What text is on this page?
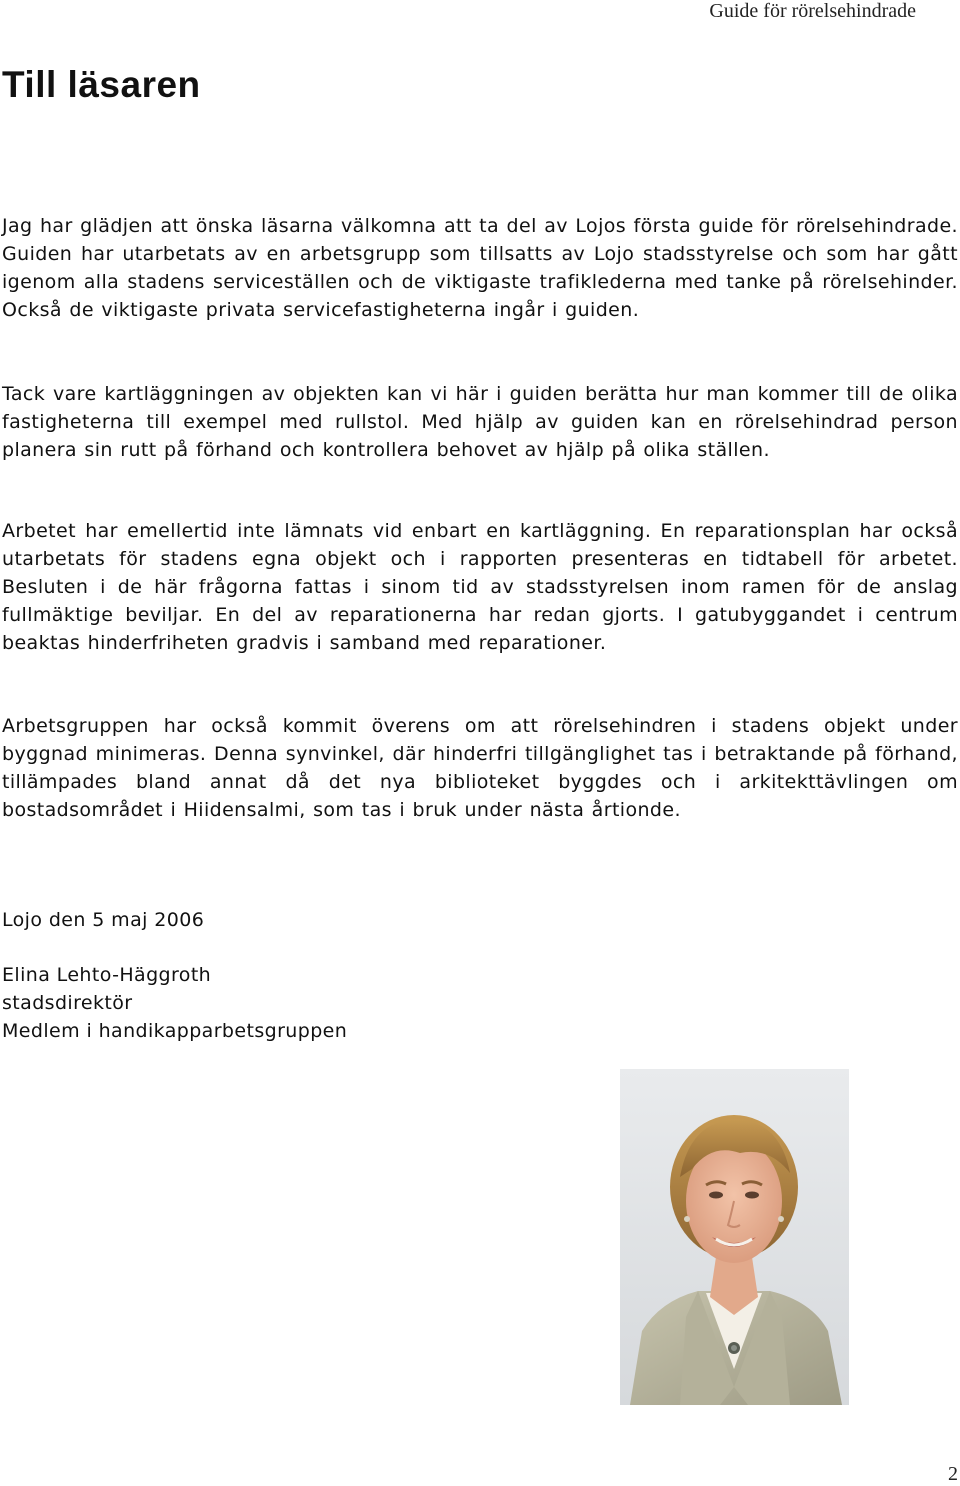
Guide för rörelsehindrade
Till läsaren

Jag har glädjen att önska läsarna välkomna att ta del av Lojos första guide för rörelsehindrade. Guiden har utarbetats av en arbetsgrupp som tillsatts av Lojo stadsstyrelse och som har gått igenom alla stadens serviceställen och de viktigaste trafiklederna med tanke på rörelsehinder. Också de viktigaste privata servicefastigheterna ingår i guiden.

Tack vare kartläggningen av objekten kan vi här i guiden berätta hur man kommer till de olika fastigheterna till exempel med rullstol. Med hjälp av guiden kan en rörelsehindrad person planera sin rutt på förhand och kontrollera behovet av hjälp på olika ställen.

Arbetet har emellertid inte lämnats vid enbart en kartläggning. En reparationsplan har också utarbetats för stadens egna objekt och i rapporten presenteras en tidtabell för arbetet. Besluten i de här frågorna fattas i sinom tid av stadsstyrelsen inom ramen för de anslag fullmäktige beviljar. En del av reparationerna har redan gjorts. I gatubyggandet i centrum beaktas hinderfriheten gradvis i samband med reparationer.

Arbetsgruppen har också kommit överens om att rörelsehindren i stadens objekt under byggnad minimeras. Denna synvinkel, där hinderfri tillgänglighet tas i betraktande på förhand, tillämpades bland annat då det nya biblioteket byggdes och i arkitekttävlingen om bostadsområdet i Hiidensalmi, som tas i bruk under nästa årtionde.

Lojo den 5 maj 2006
Elina Lehto-Häggroth
stadsdirektör
Medlem i handikapparbetsgruppen
2
